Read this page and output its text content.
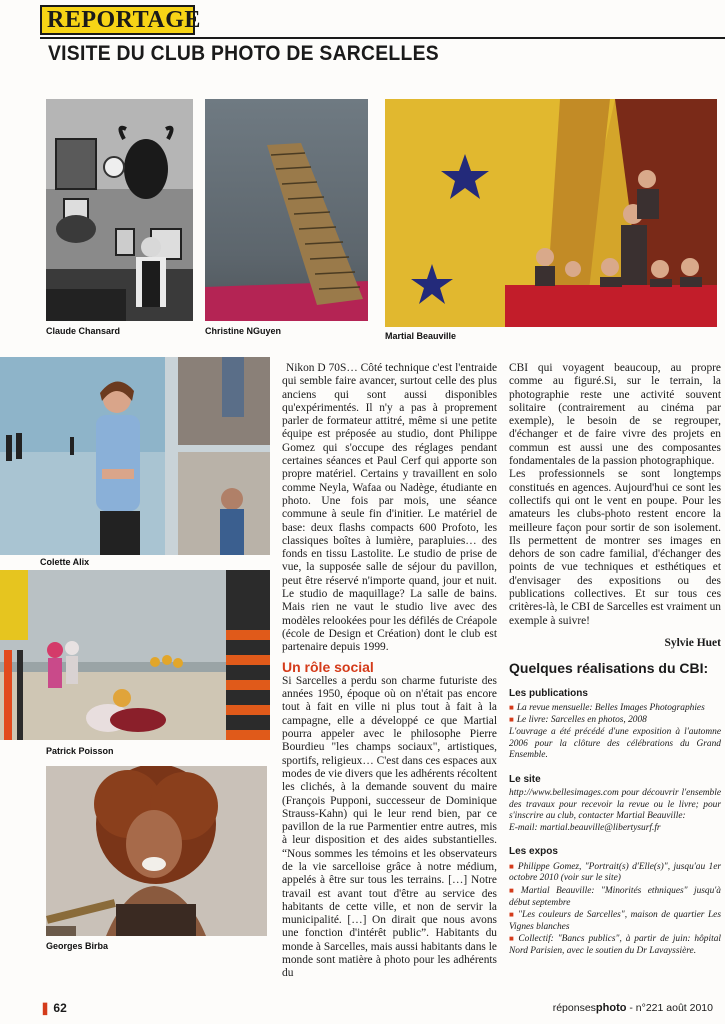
REPORTAGE
VISITE DU CLUB PHOTO DE SARCELLES
Claude Chansard	Christine NGuyen	Martial Beauville
Colette Alix
Patrick Poisson
Georges Birba

Nikon D 70S… Côté technique c'est l'entraide qui semble faire avancer, surtout celle des plus anciens qui sont aussi disponibles qu'expérimentés. Il n'y a pas à proprement parler de formateur attitré, même si une petite équipe est préposée au studio, dont Philippe Gomez qui s'occupe des réglages pendant certaines séances et Paul Cerf qui apporte son propre matériel. Certains y travaillent en solo comme Neyla, Wafaa ou Nadège, étudiante en photo. Une fois par mois, une séance commune à seule fin d'initier. Le matériel de base: deux flashs compacts 600 Profoto, les classiques boîtes à lumière, parapluies… des fonds en tissu Lastolite. Le studio de prise de vue, la supposée salle de séjour du pavillon, peut être réservé n'importe quand, jour et nuit. Le studio de maquillage? La salle de bains. Mais rien ne vaut le studio live avec des modèles relookées pour les défilés de Créapole (école de Design et Création) dont le club est partenaire depuis 1999.

Un rôle social

Si Sarcelles a perdu son charme futuriste des années 1950, époque où on n'était pas encore tout à fait en ville ni plus tout à fait à la campagne, elle a développé ce que Martial pourra appeler avec le philosophe Pierre Bourdieu "les champs sociaux", artistiques, sportifs, religieux… C'est dans ces espaces aux modes de vie divers que les adhérents récoltent les clichés, à la demande souvent du maire (François Pupponi, successeur de Dominique Strauss-Kahn) qui le leur rend bien, par ce pavillon de la rue Parmentier entre autres, mis à leur disposition et des aides substantielles. “Nous sommes les témoins et les observateurs de la vie sarcelloise grâce à notre médium, appelés à être sur tous les terrains. […] Notre travail est avant tout d'être au service des habitants de cette ville, et non de servir la municipalité. […] On dirait que nous avons une fonction d'intérêt public”. Habitants du monde à Sarcelles, mais aussi habitants dans le monde sont matière à photo pour les adhérents du

CBI qui voyagent beaucoup, au propre comme au figuré.Si, sur le terrain, la photographie reste une activité souvent solitaire (contrairement au cinéma par exemple), le besoin de se regrouper, d'échanger et de faire vivre des projets en commun est aussi une des composantes fondamentales de la passion photographique.

Les professionnels se sont longtemps constitués en agences. Aujourd'hui ce sont les collectifs qui ont le vent en poupe. Pour les amateurs les clubs-photo restent encore la meilleure façon pour sortir de son isolement. Ils permettent de montrer ses images en dehors de son cadre familial, d'échanger des points de vue techniques et esthétiques et d'envisager des expositions ou des publications collectives. Et sur tous ces critères-là, le CBI de Sarcelles est vraiment un exemple à suivre!

Sylvie Huet
Quelques réalisations du CBI:
Les publications
■ La revue mensuelle: Belles Images Photographies
■ Le livre: Sarcelles en photos, 2008
L'ouvrage a été précédé d'une exposition à l'automne 2006 pour la clôture des célébrations du Grand Ensemble.
Le site
http://www.bellesimages.com pour découvrir l'ensemble des travaux pour recevoir la revue ou le livre; pour s'inscrire au club, contacter Martial Beauville:
E-mail: martial.beauville@libertysurf.fr
Les expos
■ Philippe Gomez, "Portrait(s) d'Elle(s)", jusqu'au 1er octobre 2010 (voir sur le site)
■ Martial Beauville: "Minorités ethniques" jusqu'à début septembre
■ "Les couleurs de Sarcelles", maison de quartier Les Vignes blanches
■ Collectif: "Bancs publics", à partir de juin: hôpital Nord Parisien, avec le soutien du Dr Lavayssière.
❚ 62	réponsesphoto - n°221 août 2010
